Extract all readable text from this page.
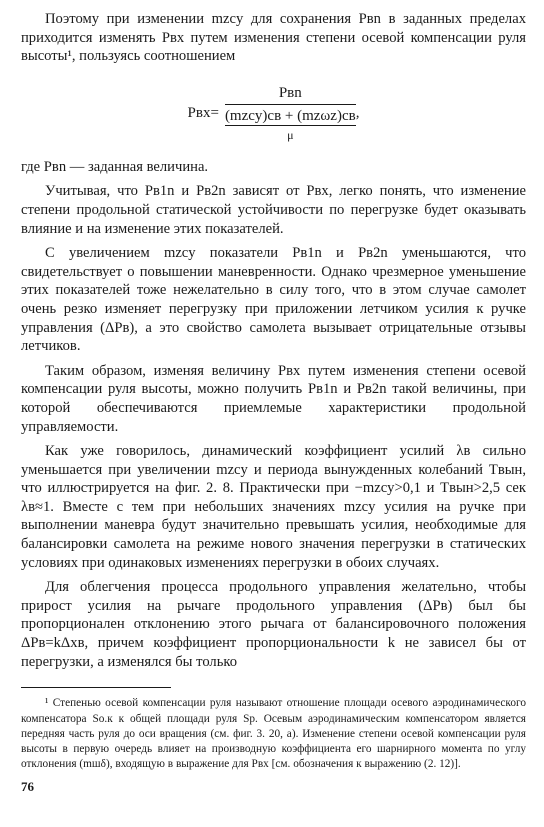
Поэтому при изменении mzcy для сохранения Pвn в заданных пределах приходится изменять Pвx путем изменения степени осевой компенсации руля высоты¹, пользуясь соотношением

$Pвx= \frac{\text{Pвn}}{\frac{\text{(mzcy)св + (mzωz)св}}{\mu}}$ ,

где Pвn — заданная величина.

Учитывая, что Pв1n и Pв2n зависят от Pвx, легко понять, что изменение степени продольной статической устойчивости по перегрузке будет оказывать влияние и на изменение этих показателей.

С увеличением mzcy показатели Pв1n и Pв2n уменьшаются, что свидетельствует о повышении маневренности. Однако чрезмерное уменьшение этих показателей тоже нежелательно в силу того, что в этом случае самолет очень резко изменяет перегрузку при приложении летчиком усилия к ручке управления (ΔPв), а это свойство самолета вызывает отрицательные отзывы летчиков.

Таким образом, изменяя величину Pвx путем изменения степени осевой компенсации руля высоты, можно получить Pв1n и Pв2n такой величины, при которой обеспечиваются приемлемые характеристики продольной управляемости.

Как уже говорилось, динамический коэффициент усилий λв сильно уменьшается при увеличении mzcy и периода вынужденных колебаний Tвын, что иллюстрируется на фиг. 2. 8. Практически при −mzcy>0,1 и Tвын>2,5 сек λв≈1. Вместе с тем при небольших значениях mzcy усилия на ручке при выполнении маневра будут значительно превышать усилия, необходимые для балансировки самолета на режиме нового значения перегрузки в статических условиях при одинаковых изменениях перегрузки в обоих случаях.

Для облегчения процесса продольного управления желательно, чтобы прирост усилия на рычаге продольного управления (ΔPв) был бы пропорционален отклонению этого рычага от балансировочного положения ΔPв=kΔxв, причем коэффициент пропорциональности k не зависел бы от перегрузки, а изменялся бы только

¹ Степенью осевой компенсации руля называют отношение площади осевого аэродинамического компенсатора Sо.к к общей площади руля Sр. Осевым аэродинамическим компенсатором является передняя часть руля до оси вращения (см. фиг. 3. 20, а). Изменение степени осевой компенсации руля высоты в первую очередь влияет на производную коэффициента его шарнирного момента по углу отклонения (mшδ), входящую в выражение для Pвx [см. обозначения к выражению (2. 12)].

76
